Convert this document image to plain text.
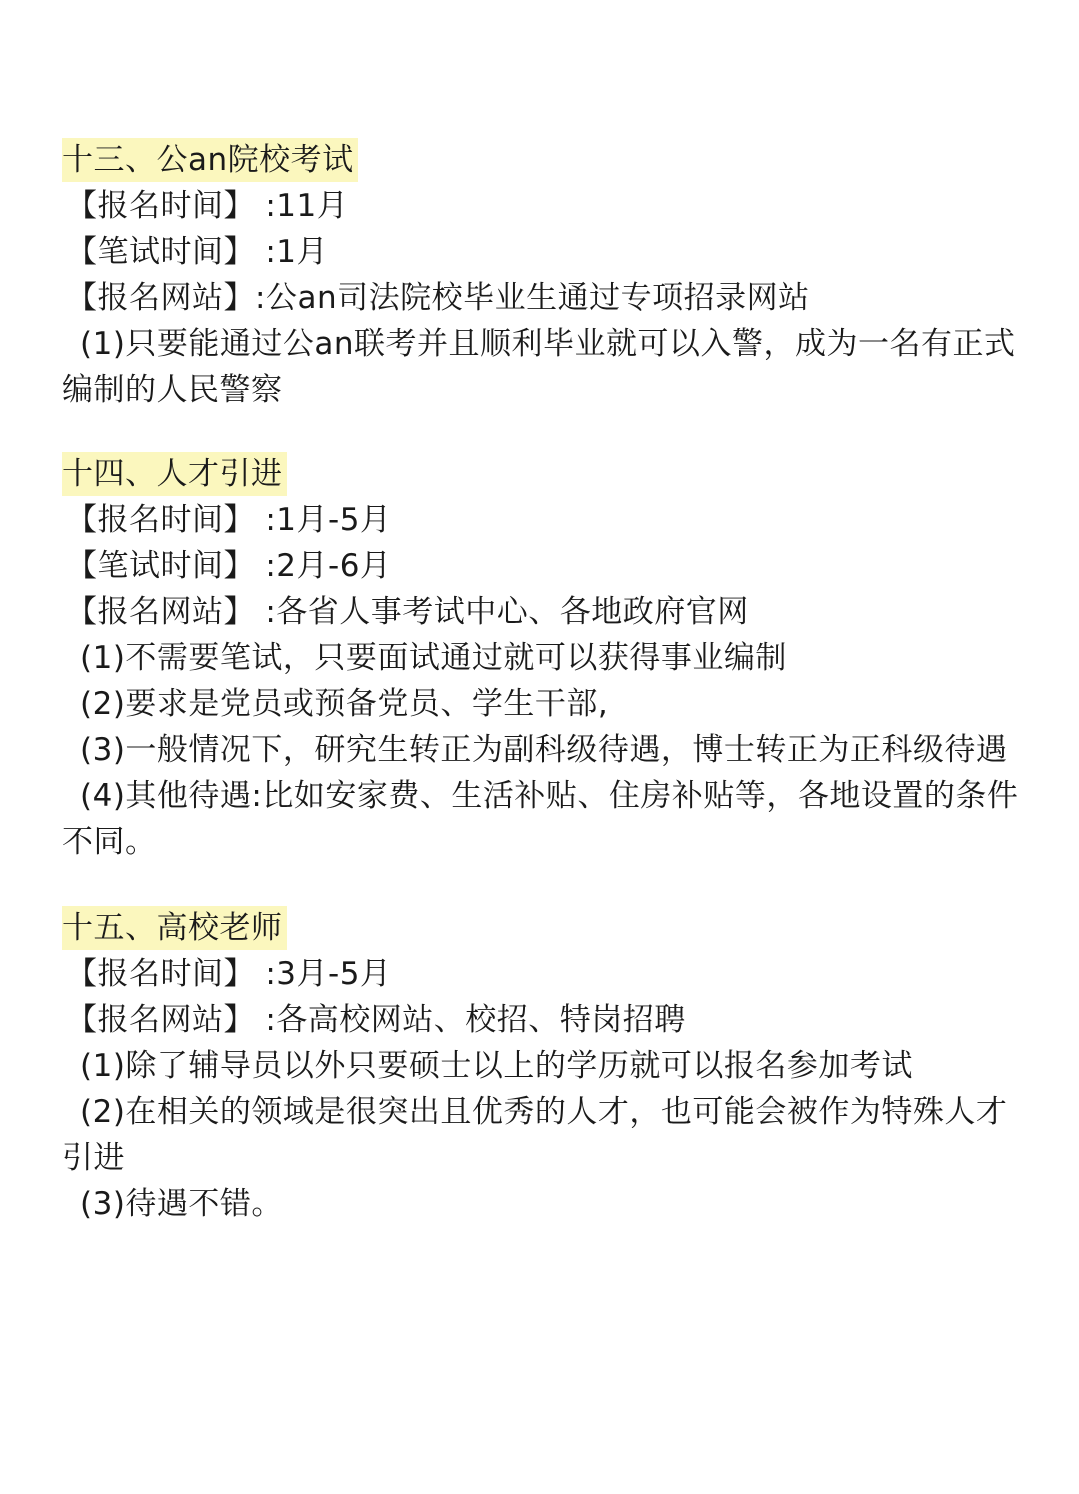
十三、公an院校考试
【报名时间】 :11月
【笔试时间】 :1月
【报名网站】:公an司法院校毕业生通过专项招录网站
(1)只要能通过公an联考并且顺利毕业就可以入警，成为一名有正式
编制的人民警察
十四、人才引进
【报名时间】 :1月-5月
【笔试时间】 :2月-6月
【报名网站】 :各省人事考试中心、各地政府官网
(1)不需要笔试，只要面试通过就可以获得事业编制
(2)要求是党员或预备党员、学生干部,
(3)一般情况下，研究生转正为副科级待遇，博士转正为正科级待遇
(4)其他待遇:比如安家费、生活补贴、住房补贴等，各地设置的条件
不同。
十五、高校老师
【报名时间】 :3月-5月
【报名网站】 :各高校网站、校招、特岗招聘
(1)除了辅导员以外只要硕士以上的学历就可以报名参加考试
(2)在相关的领域是很突出且优秀的人才，也可能会被作为特殊人才
引进
(3)待遇不错。
